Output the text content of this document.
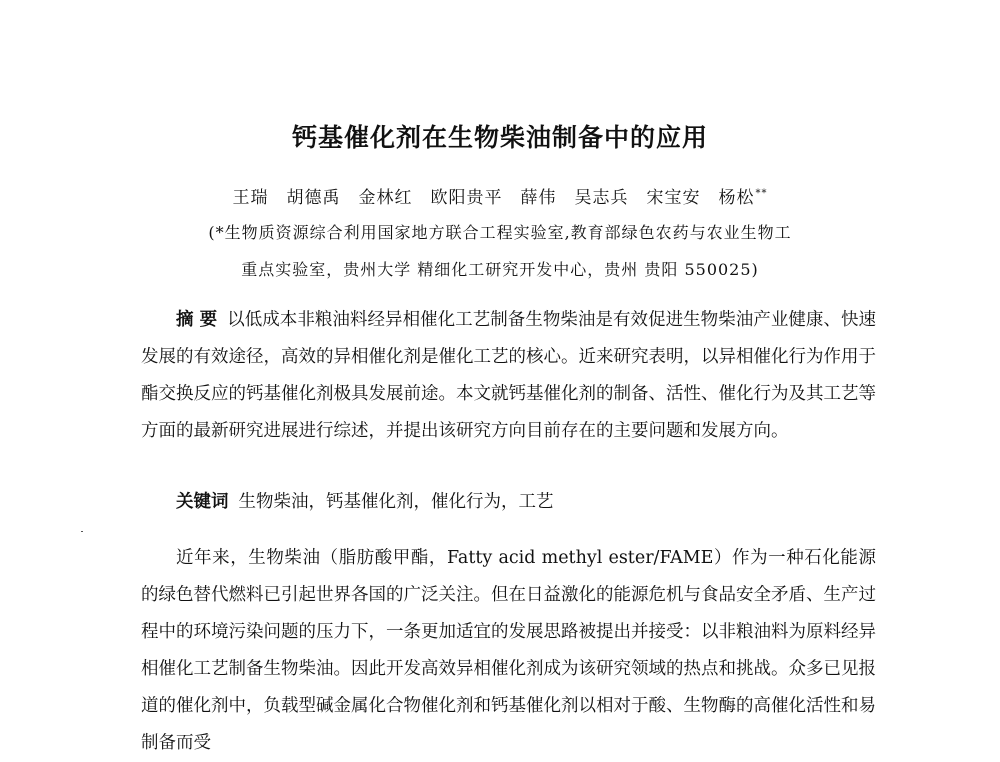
钙基催化剂在生物柴油制备中的应用
王瑞　胡德禹　金林红　欧阳贵平　薛伟　吴志兵　宋宝安　杨松**
(*生物质资源综合利用国家地方联合工程实验室,教育部绿色农药与农业生物工
重点实验室，贵州大学 精细化工研究开发中心，贵州 贵阳 550025)

摘 要 以低成本非粮油料经异相催化工艺制备生物柴油是有效促进生物柴油产业健康、快速发展的有效途径，高效的异相催化剂是催化工艺的核心。近来研究表明，以异相催化行为作用于酯交换反应的钙基催化剂极具发展前途。本文就钙基催化剂的制备、活性、催化行为及其工艺等方面的最新研究进展进行综述，并提出该研究方向目前存在的主要问题和发展方向。

关键词 生物柴油，钙基催化剂，催化行为，工艺

近年来，生物柴油（脂肪酸甲酯，Fatty acid methyl ester/FAME）作为一种石化能源的绿色替代燃料已引起世界各国的广泛关注。但在日益激化的能源危机与食品安全矛盾、生产过程中的环境污染问题的压力下，一条更加适宜的发展思路被提出并接受：以非粮油料为原料经异相催化工艺制备生物柴油。因此开发高效异相催化剂成为该研究领域的热点和挑战。众多已见报道的催化剂中，负载型碱金属化合物催化剂和钙基催化剂以相对于酸、生物酶的高催化活性和易制备而受
